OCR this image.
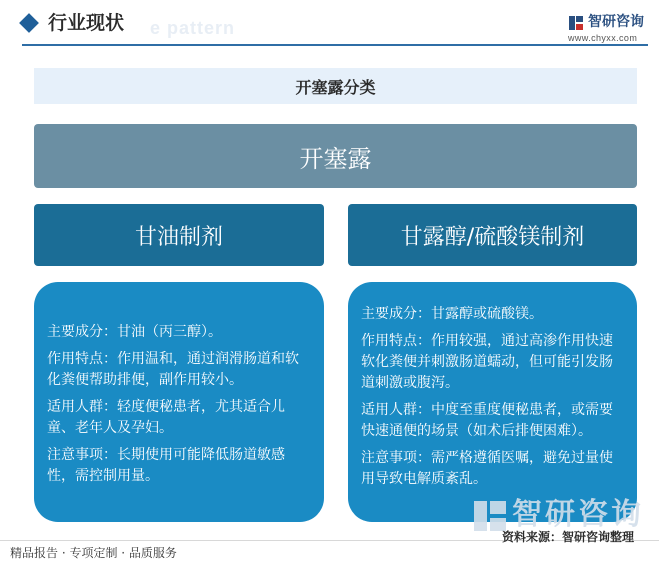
行业现状 e pattern	智研咨询
www.chyxx.com
开塞露分类
开塞露
甘油制剂	甘露醇/硫酸镁制剂

主要成分：甘油（丙三醇）。

作用特点：作用温和，通过润滑肠道和软化粪便帮助排便，副作用较小。

适用人群：轻度便秘患者，尤其适合儿童、老年人及孕妇。

注意事项：长期使用可能降低肠道敏感性，需控制用量。

主要成分：甘露醇或硫酸镁。

作用特点：作用较强，通过高渗作用快速软化粪便并刺激肠道蠕动，但可能引发肠道刺激或腹泻。

适用人群：中度至重度便秘患者，或需要快速通便的场景（如术后排便困难）。

注意事项：需严格遵循医嘱，避免过量使用导致电解质紊乱。

智研咨询
精品报告 · 专项定制 · 品质服务
资料来源：智研咨询整理
